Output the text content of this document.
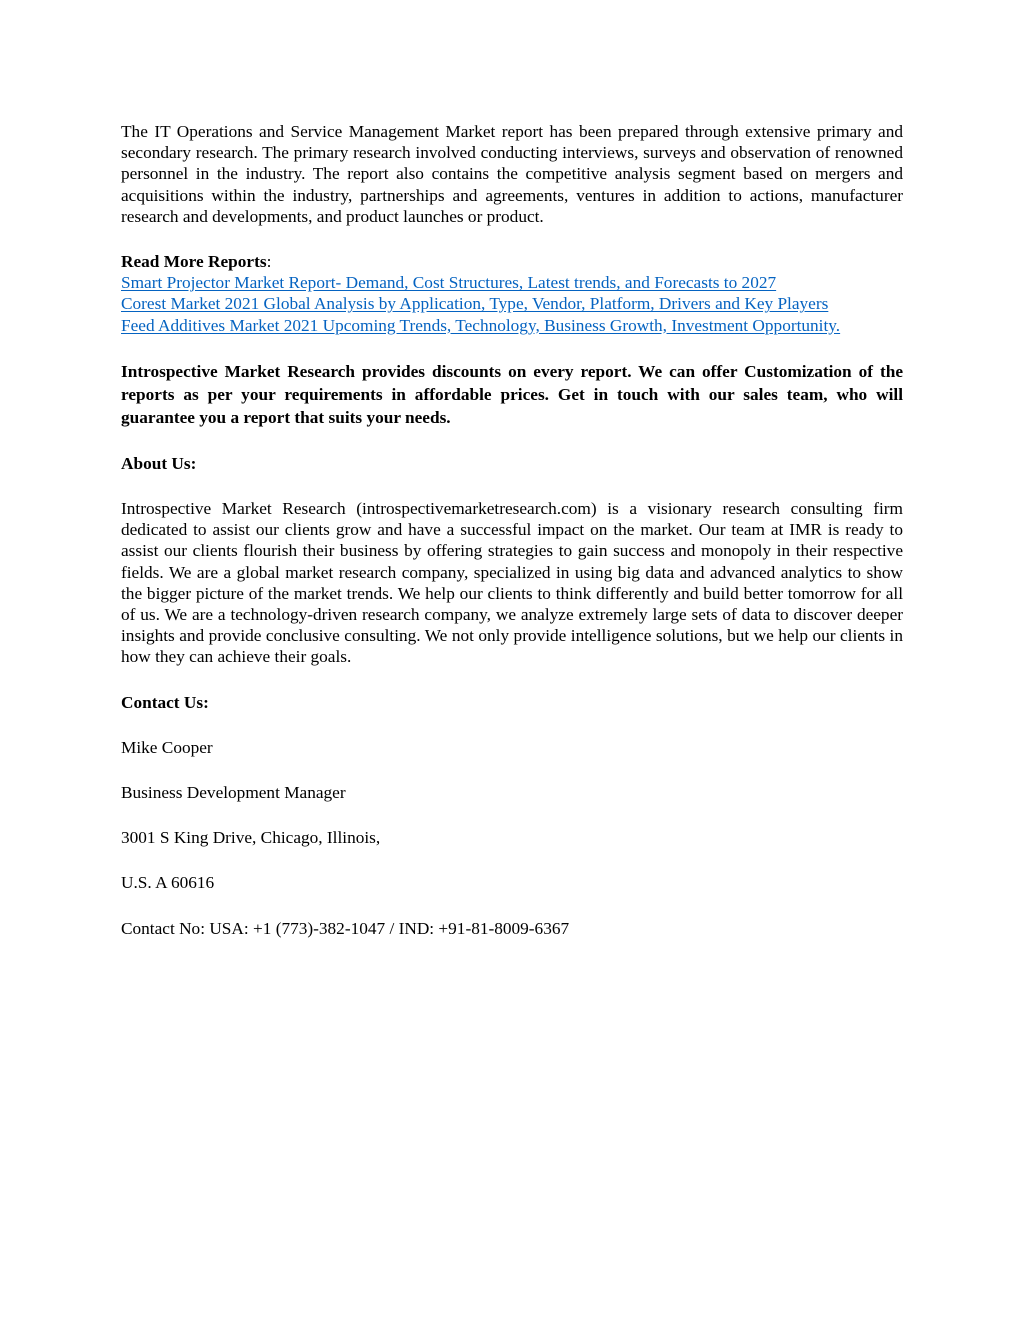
The IT Operations and Service Management Market report has been prepared through extensive primary and secondary research. The primary research involved conducting interviews, surveys and observation of renowned personnel in the industry. The report also contains the competitive analysis segment based on mergers and acquisitions within the industry, partnerships and agreements, ventures in addition to actions, manufacturer research and developments, and product launches or product.

Read More Reports:

Smart Projector Market Report- Demand, Cost Structures, Latest trends, and Forecasts to 2027

Corest Market 2021 Global Analysis by Application, Type, Vendor, Platform, Drivers and Key Players

Feed Additives Market 2021 Upcoming Trends, Technology, Business Growth, Investment Opportunity.

Introspective Market Research provides discounts on every report. We can offer Customization of the reports as per your requirements in affordable prices. Get in touch with our sales team, who will guarantee you a report that suits your needs.

About Us:

Introspective Market Research (introspectivemarketresearch.com) is a visionary research consulting firm dedicated to assist our clients grow and have a successful impact on the market. Our team at IMR is ready to assist our clients flourish their business by offering strategies to gain success and monopoly in their respective fields. We are a global market research company, specialized in using big data and advanced analytics to show the bigger picture of the market trends. We help our clients to think differently and build better tomorrow for all of us. We are a technology-driven research company, we analyze extremely large sets of data to discover deeper insights and provide conclusive consulting. We not only provide intelligence solutions, but we help our clients in how they can achieve their goals.

Contact Us:

Mike Cooper

Business Development Manager

3001 S King Drive, Chicago, Illinois,

U.S. A 60616

Contact No: USA: +1 (773)-382-1047 / IND: +91-81-8009-6367
